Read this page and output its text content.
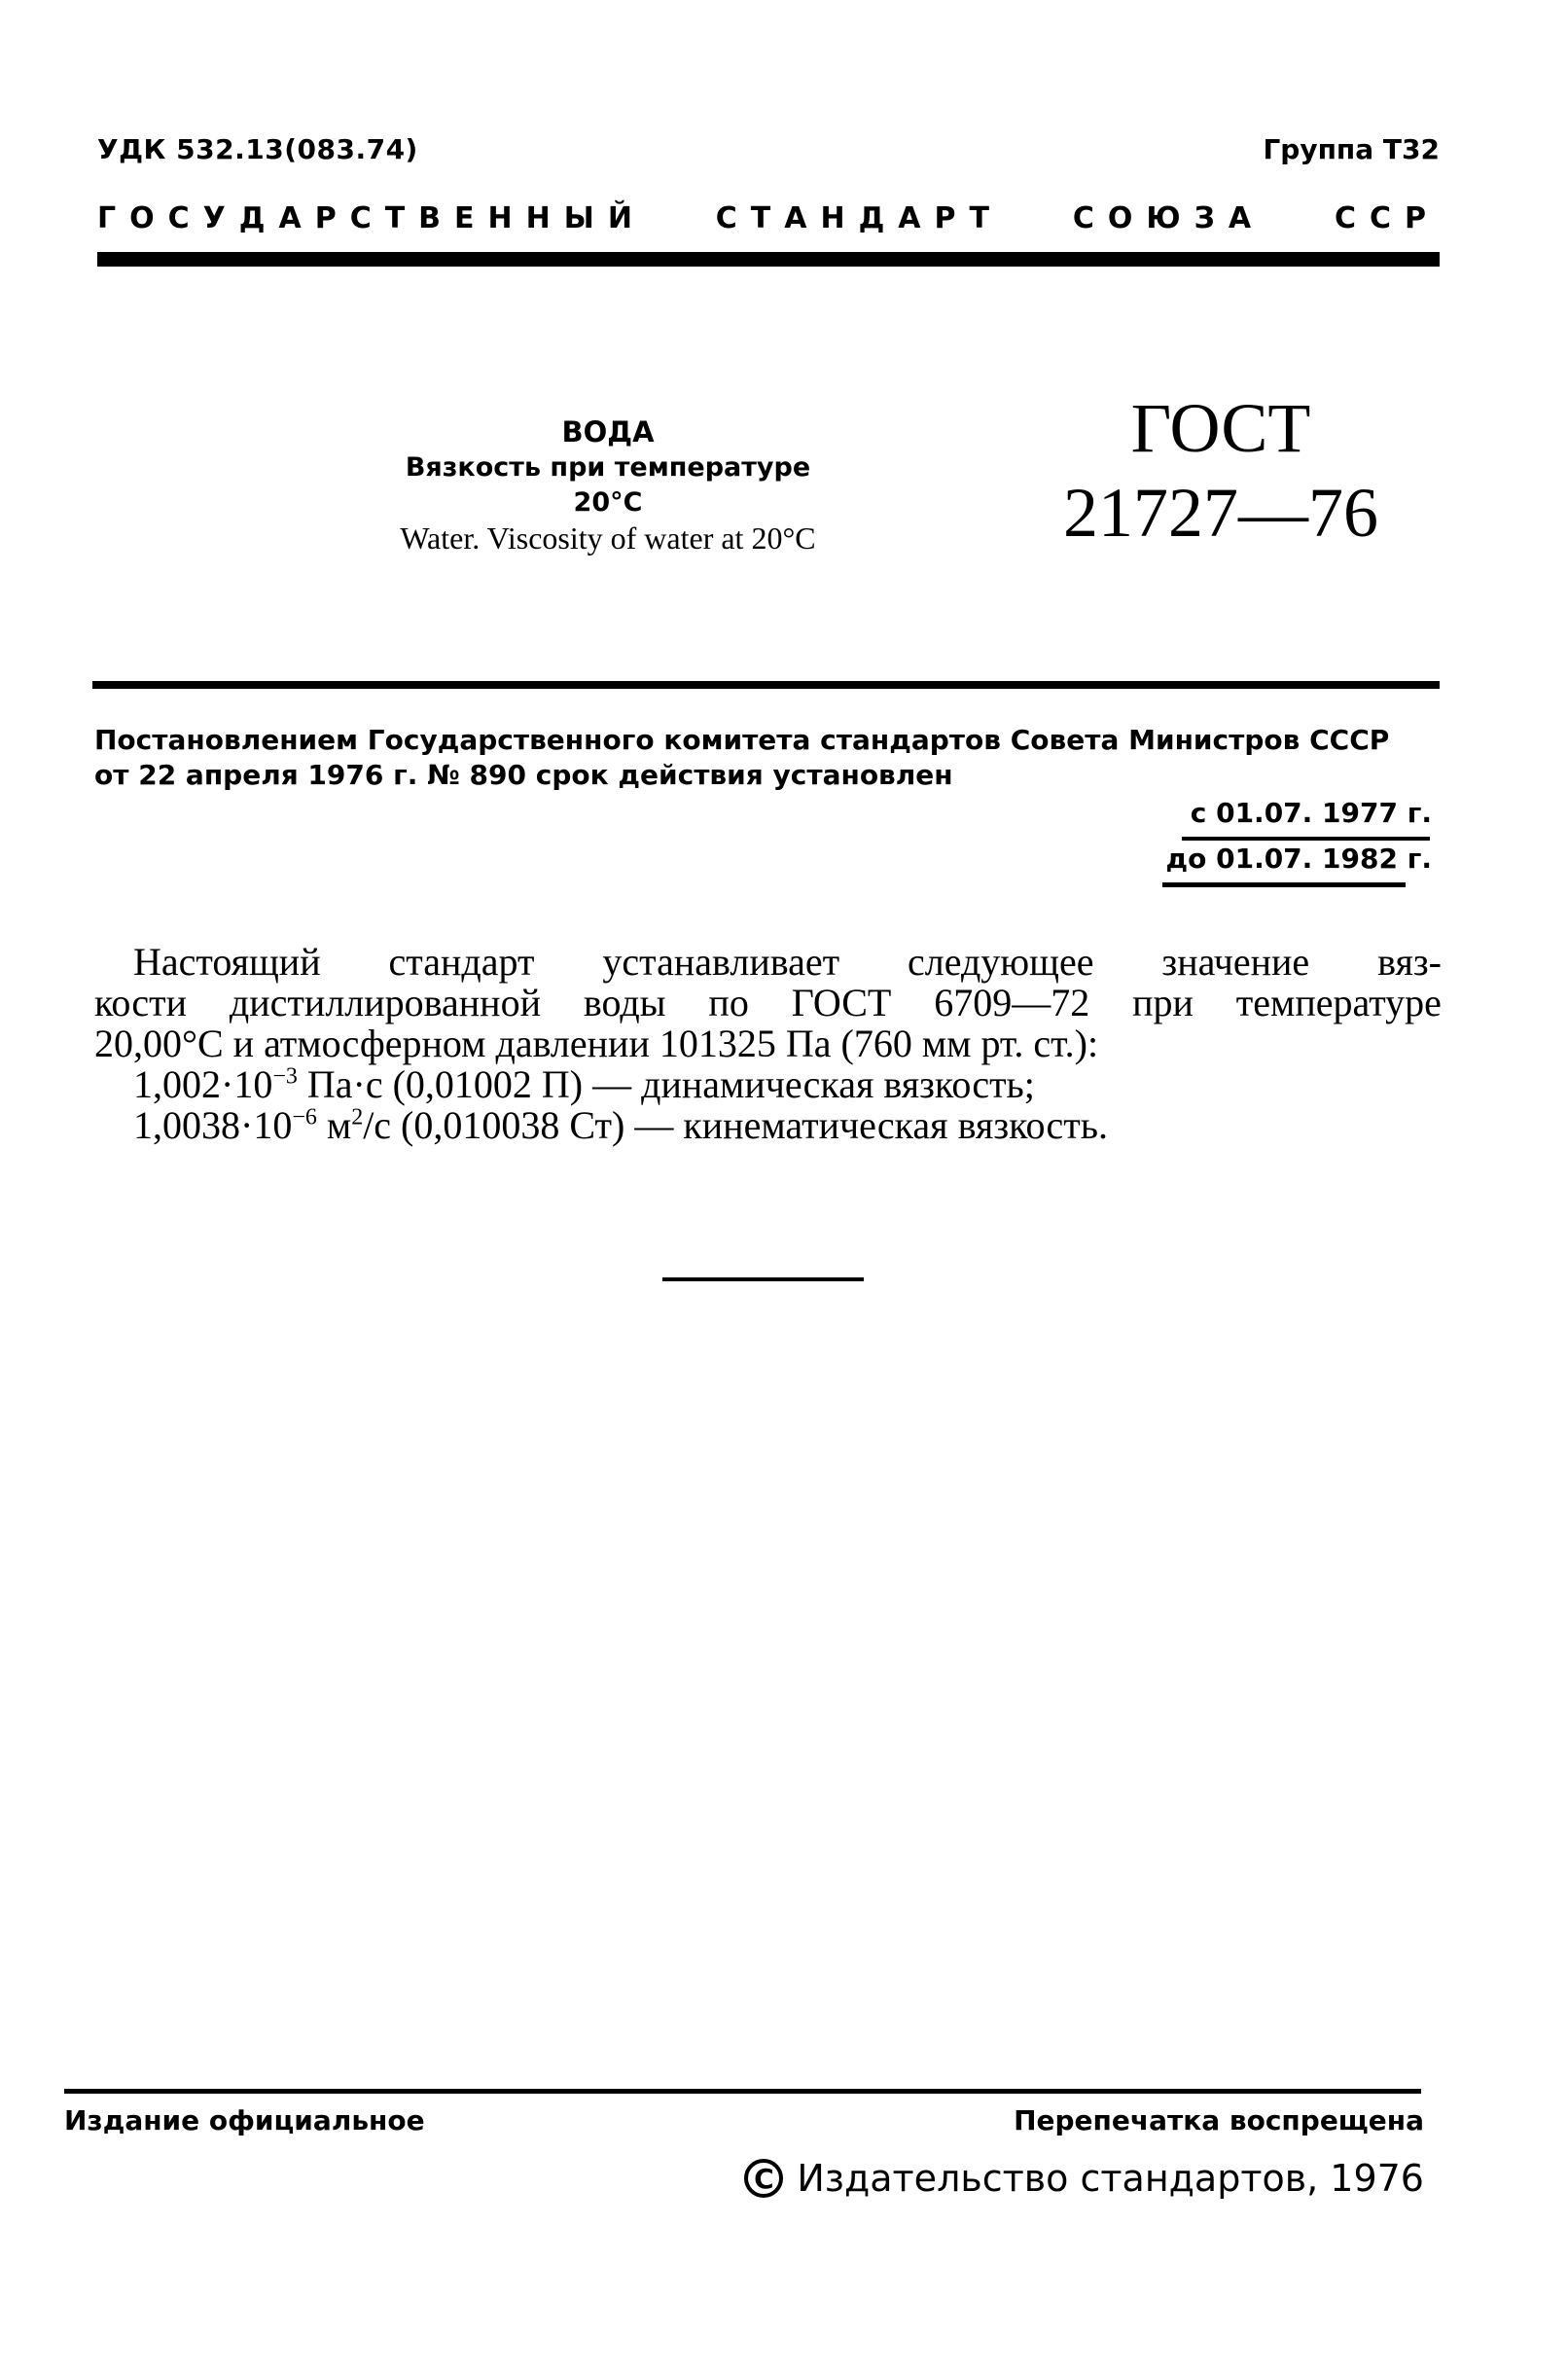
УДК 532.13(083.74)	Группа Т32
ГОСУДАРСТВЕННЫЙ СТАНДАРТ СОЮЗА ССР
ВОДА
Вязкость при температуре 20°С
Water. Viscosity of water at 20°C
ГОСТ
21727—76
Постановлением Государственного комитета стандартов Совета Министров СССР
от 22 апреля 1976 г. № 890 срок действия установлен
с 01.07. 1977 г.
до 01.07. 1982 г.
Настоящий стандарт устанавливает следующее значение вяз-
кости дистиллированной воды по ГОСТ 6709—72 при температуре
20,00°С и атмосферном давлении 101325 Па (760 мм рт. ст.):
$1,002\cdot 10^{-3}$ Па·с (0,01002 П) — динамическая вязкость;
$1,0038\cdot 10^{-6}$ $м^2/с$ (0,010038 Ст) — кинематическая вязкость.
Издание официальное	Перепечатка воспрещена
C Издательство стандартов, 1976
